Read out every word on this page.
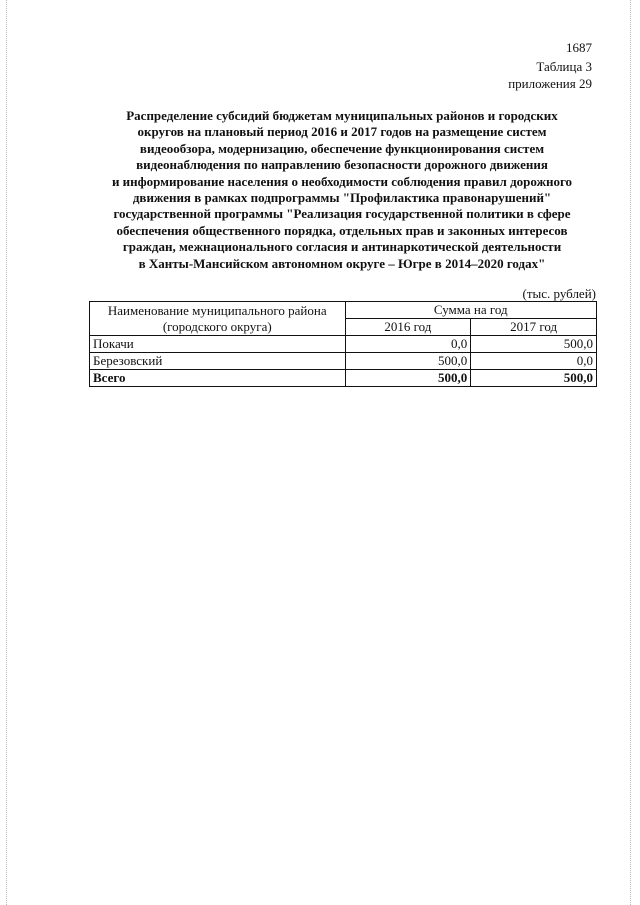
1687
Таблица 3
приложения 29
Распределение субсидий бюджетам муниципальных районов и городских
округов на плановый период 2016 и 2017 годов на размещение систем
видеообзора, модернизацию, обеспечение функционирования систем
видеонаблюдения по направлению безопасности дорожного движения
и информирование населения о необходимости соблюдения правил дорожного
движения в рамках подпрограммы "Профилактика правонарушений"
государственной программы "Реализация государственной политики в сфере
обеспечения общественного порядка, отдельных прав и законных интересов
граждан, межнационального согласия и антинаркотической деятельности
в Ханты-Мансийском автономном округе – Югре в 2014–2020 годах"
(тыс. рублей)
Наименование муниципального района
(городского округа)	Сумма на год	
	2016 год	2017 год
Покачи	0,0	500,0
Березовский	500,0	0,0
Всего	500,0	500,0
